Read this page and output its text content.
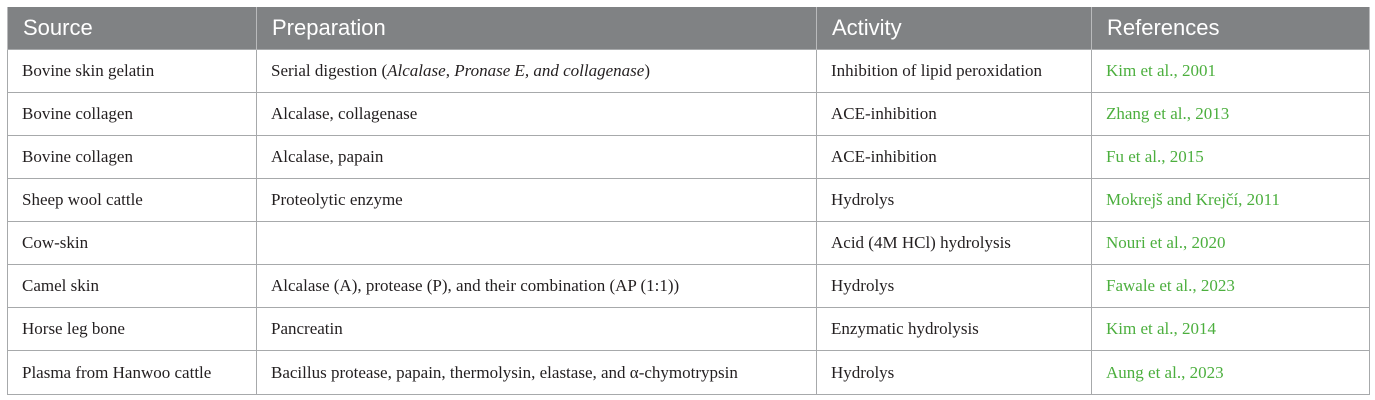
Source	Preparation	Activity	References
Bovine skin gelatin	Serial digestion (Alcalase, Pronase E, and collagenase)	Inhibition of lipid peroxidation	Kim et al., 2001
Bovine collagen	Alcalase, collagenase	ACE-inhibition	Zhang et al., 2013
Bovine collagen	Alcalase, papain	ACE-inhibition	Fu et al., 2015
Sheep wool cattle	Proteolytic enzyme	Hydrolys	Mokrejš and Krejčí, 2011
Cow-skin		Acid (4M HCl) hydrolysis	Nouri et al., 2020
Camel skin	Alcalase (A), protease (P), and their combination (AP (1:1))	Hydrolys	Fawale et al., 2023
Horse leg bone	Pancreatin	Enzymatic hydrolysis	Kim et al., 2014
Plasma from Hanwoo cattle	Bacillus protease, papain, thermolysin, elastase, and α-chymotrypsin	Hydrolys	Aung et al., 2023
